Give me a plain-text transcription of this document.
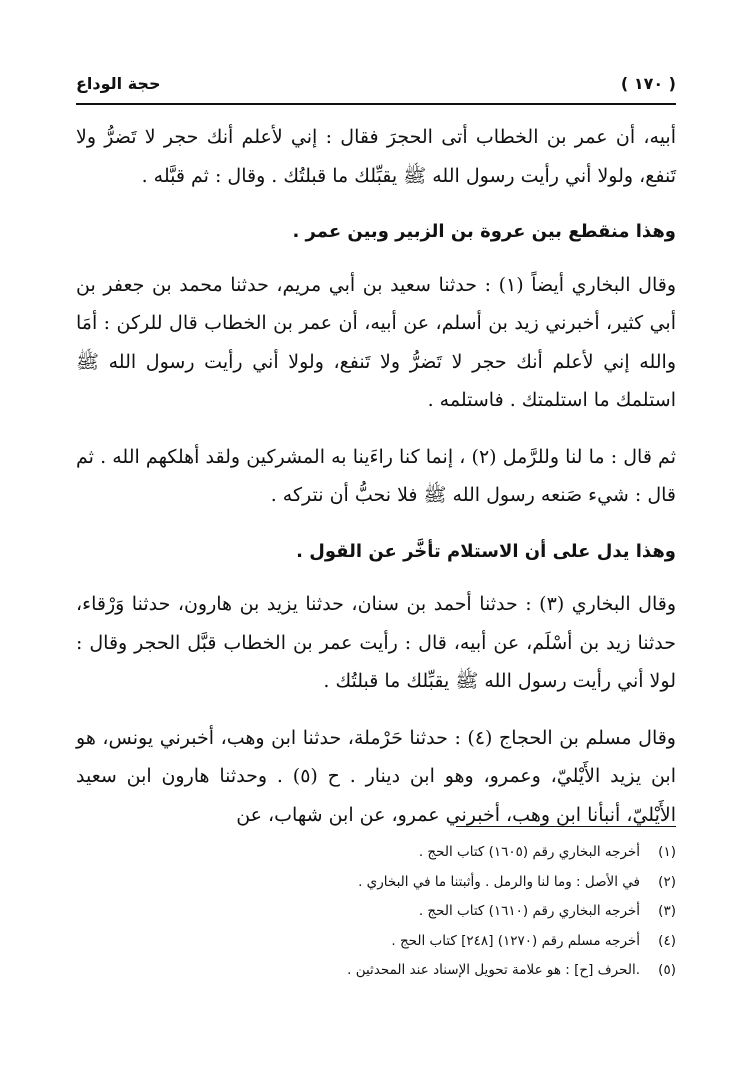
( ١٧٠ )
حجة الوداع

أبيه، أن عمر بن الخطاب أتى الحجرَ فقال : إني لأعلم أنك حجر لا تَضرُّ ولا تَنفع، ولولا أني رأيت رسول الله ﷺ يقبِّلك ما قبلتُك . وقال : ثم قبَّله .

وهذا منقطع بين عروة بن الزبير وبين عمر .

وقال البخاري أيضاً (١) : حدثنا سعيد بن أبي مريم، حدثنا محمد بن جعفر بن أبي كثير، أخبرني زيد بن أسلم، عن أبيه، أن عمر بن الخطاب قال للركن : أمَا والله إني لأعلم أنك حجر لا تَضرُّ ولا تَنفع، ولولا أني رأيت رسول الله ﷺ استلمك ما استلمتك . فاستلمه .

ثم قال : ما لنا وللرَّمل (٢) ، إنما كنا راءَينا به المشركين ولقد أهلكهم الله . ثم قال : شيء صَنعه رسول الله ﷺ فلا نحبُّ أن نتركه .

وهذا يدل على أن الاستلام تأخَّر عن القول .

وقال البخاري (٣) : حدثنا أحمد بن سنان، حدثنا يزيد بن هارون، حدثنا وَرْقاء، حدثنا زيد بن أسْلَم، عن أبيه، قال : رأيت عمر بن الخطاب قبَّل الحجر وقال : لولا أني رأيت رسول الله ﷺ يقبِّلك ما قبلتُك .

وقال مسلم بن الحجاج (٤) : حدثنا حَرْملة، حدثنا ابن وهب، أخبرني يونس، هو ابن يزيد الأَيْليّ، وعمرو، وهو ابن دينار . ح (٥) . وحدثنا هارون ابن سعيد الأَيْليّ، أنبأنا ابن وهب، أخبرني عمرو، عن ابن شهاب، عن

(١)
أخرجه البخاري رقم (١٦٠٥) كتاب الحج .
(٢)
في الأصل : وما لنا والرمل . وأثبتنا ما في البخاري .
(٣)
أخرجه البخاري رقم (١٦١٠) كتاب الحج .
(٤)
أخرجه مسلم رقم (١٢٧٠) [٢٤٨] كتاب الحج .
(٥)
.الحرف [ح] : هو علامة تحويل الإسناد عند المحدثين .
